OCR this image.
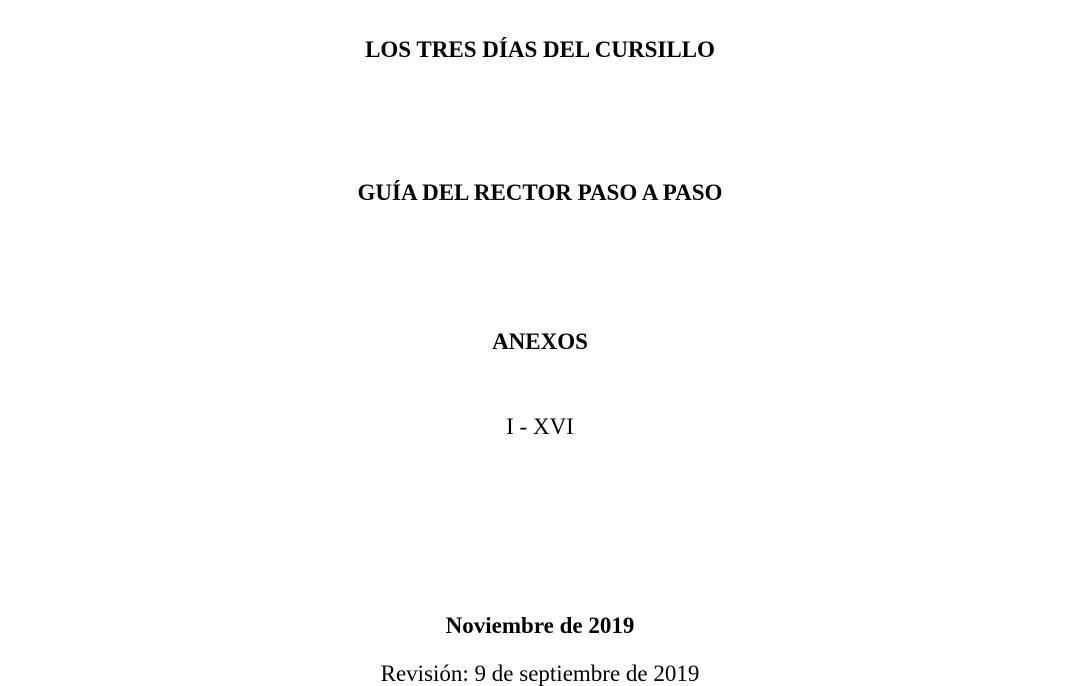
LOS TRES DÍAS DEL CURSILLO
GUÍA DEL RECTOR PASO A PASO
ANEXOS
I - XVI
Noviembre de 2019
Revisión: 9 de septiembre de 2019
